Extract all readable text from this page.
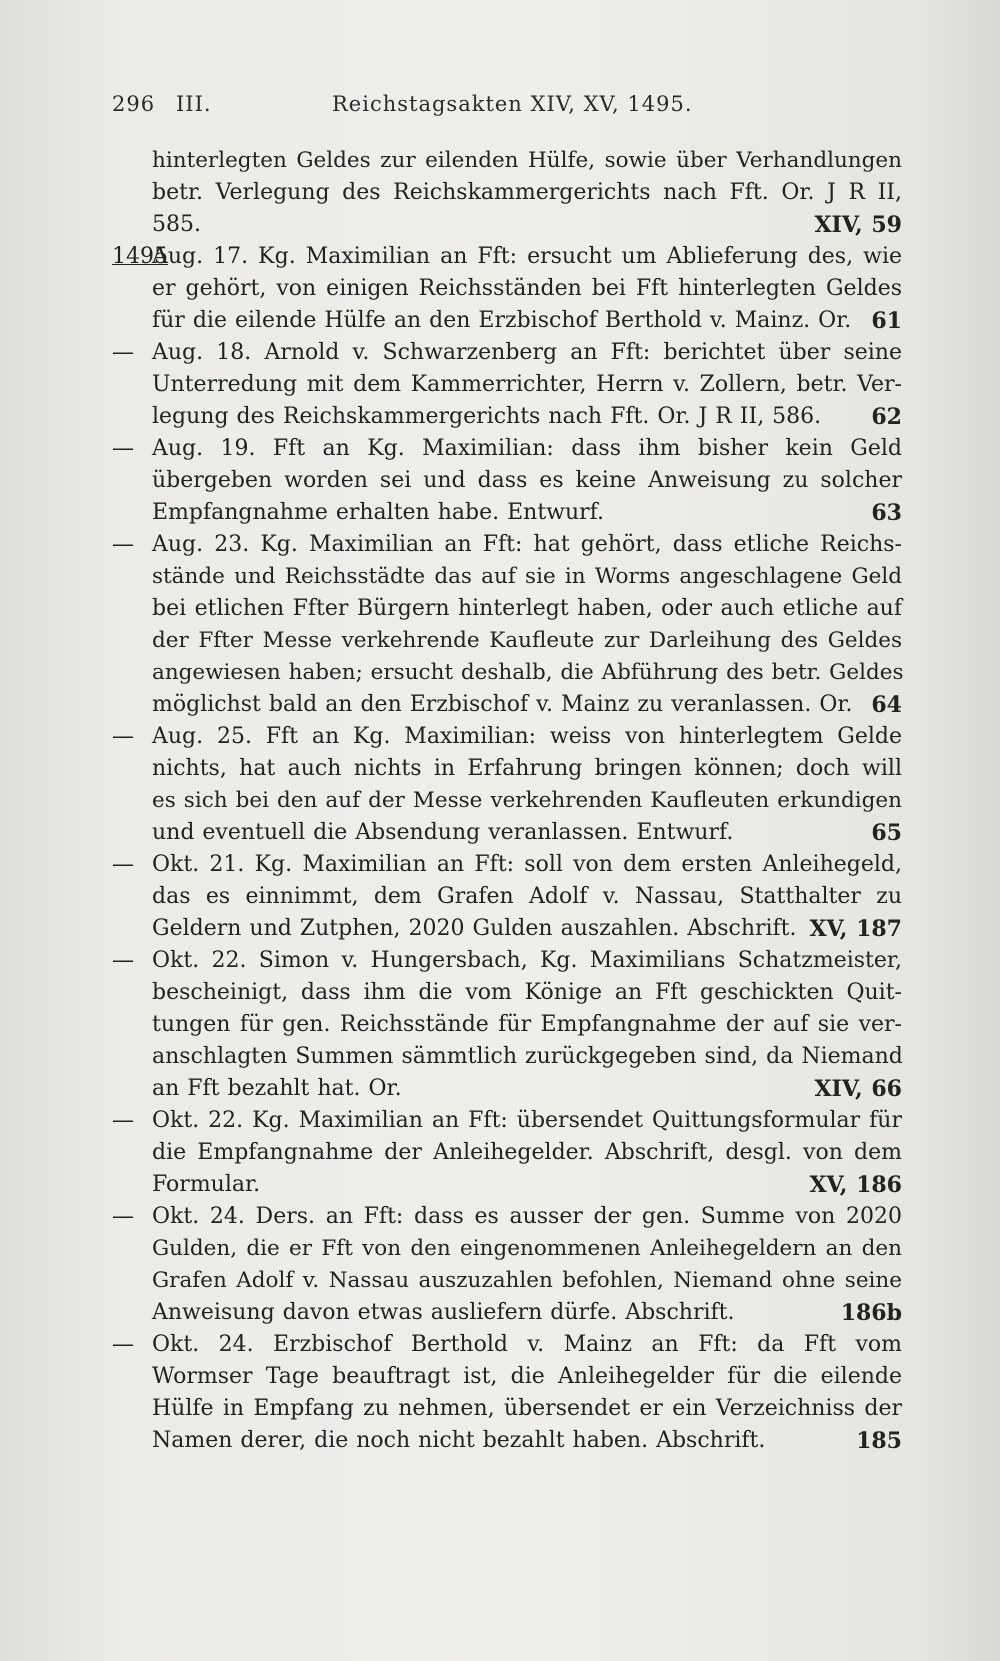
296 III.	Reichstagsakten XIV, XV, 1495.
hinterlegten Geldes zur eilenden Hülfe, sowie über Verhandlungen
betr. Verlegung des Reichskammergerichts nach Fft. Or. J R II,
585.	XIV, 59
1495
Aug. 17. Kg. Maximilian an Fft: ersucht um Ablieferung des, wie
er gehört, von einigen Reichsständen bei Fft hinterlegten Geldes
für die eilende Hülfe an den Erzbischof Berthold v. Mainz. Or. 61
— Aug. 18. Arnold v. Schwarzenberg an Fft: berichtet über seine
Unterredung mit dem Kammerrichter, Herrn v. Zollern, betr. Ver-
legung des Reichskammergerichts nach Fft. Or. J R II, 586.	62
— Aug. 19. Fft an Kg. Maximilian: dass ihm bisher kein Geld
übergeben worden sei und dass es keine Anweisung zu solcher
Empfangnahme erhalten habe. Entwurf.	63
— Aug. 23. Kg. Maximilian an Fft: hat gehört, dass etliche Reichs-
stände und Reichsstädte das auf sie in Worms angeschlagene Geld
bei etlichen Ffter Bürgern hinterlegt haben, oder auch etliche auf
der Ffter Messe verkehrende Kaufleute zur Darleihung des Geldes
angewiesen haben; ersucht deshalb, die Abführung des betr. Geldes
möglichst bald an den Erzbischof v. Mainz zu veranlassen. Or. 64
— Aug. 25. Fft an Kg. Maximilian: weiss von hinterlegtem Gelde
nichts, hat auch nichts in Erfahrung bringen können; doch will
es sich bei den auf der Messe verkehrenden Kaufleuten erkundigen
und eventuell die Absendung veranlassen. Entwurf.	65
— Okt. 21. Kg. Maximilian an Fft: soll von dem ersten Anleihegeld,
das es einnimmt, dem Grafen Adolf v. Nassau, Statthalter zu
Geldern und Zutphen, 2020 Gulden auszahlen. Abschrift. XV, 187
— Okt. 22. Simon v. Hungersbach, Kg. Maximilians Schatzmeister,
bescheinigt, dass ihm die vom Könige an Fft geschickten Quit-
tungen für gen. Reichsstände für Empfangnahme der auf sie ver-
anschlagten Summen sämmtlich zurückgegeben sind, da Niemand
an Fft bezahlt hat. Or.	XIV, 66
— Okt. 22. Kg. Maximilian an Fft: übersendet Quittungsformular für
die Empfangnahme der Anleihegelder. Abschrift, desgl. von dem
Formular.	XV, 186
— Okt. 24. Ders. an Fft: dass es ausser der gen. Summe von 2020
Gulden, die er Fft von den eingenommenen Anleihegeldern an den
Grafen Adolf v. Nassau auszuzahlen befohlen, Niemand ohne seine
Anweisung davon etwas ausliefern dürfe. Abschrift.	186b
— Okt. 24. Erzbischof Berthold v. Mainz an Fft: da Fft vom
Wormser Tage beauftragt ist, die Anleihegelder für die eilende
Hülfe in Empfang zu nehmen, übersendet er ein Verzeichniss der
Namen derer, die noch nicht bezahlt haben. Abschrift.	185
